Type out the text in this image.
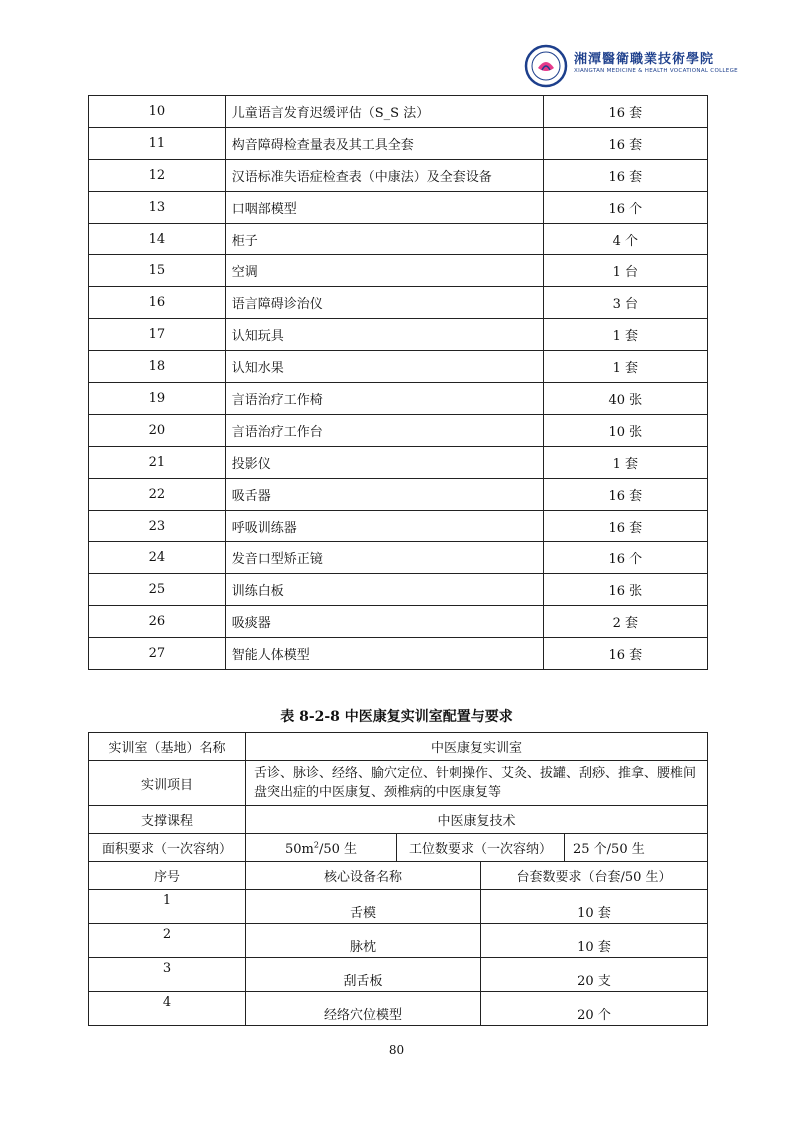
湘潭醫衛職業技術學院
XIANGTAN MEDICINE & HEALTH VOCATIONAL COLLEGE
10	儿童语言发育迟缓评估（S_S 法）	16 套
11	构音障碍检查量表及其工具全套	16 套
12	汉语标准失语症检查表（中康法）及全套设备	16 套
13	口咽部模型	16 个
14	柜子	4 个
15	空调	1 台
16	语言障碍诊治仪	3 台
17	认知玩具	1 套
18	认知水果	1 套
19	言语治疗工作椅	40 张
20	言语治疗工作台	10 张
21	投影仪	1 套
22	吸舌器	16 套
23	呼吸训练器	16 套
24	发音口型矫正镜	16 个
25	训练白板	16 张
26	吸痰器	2 套
27	智能人体模型	16 套
表 8-2-8 中医康复实训室配置与要求
实训室（基地）名称	中医康复实训室			
实训项目	舌诊、脉诊、经络、腧穴定位、针刺操作、艾灸、拔罐、刮痧、推拿、腰椎间盘突出症的中医康复、颈椎病的中医康复等			
支撑课程	中医康复技术			
面积要求（一次容纳）	$50m^2/50$ 生	工位数要求（一次容纳）		25 个/50 生
序号	核心设备名称		台套数要求（台套/50 生）	
1	舌模		10 套	
2	脉枕		10 套	
3	刮舌板		20 支	
4	经络穴位模型		20 个	
80
